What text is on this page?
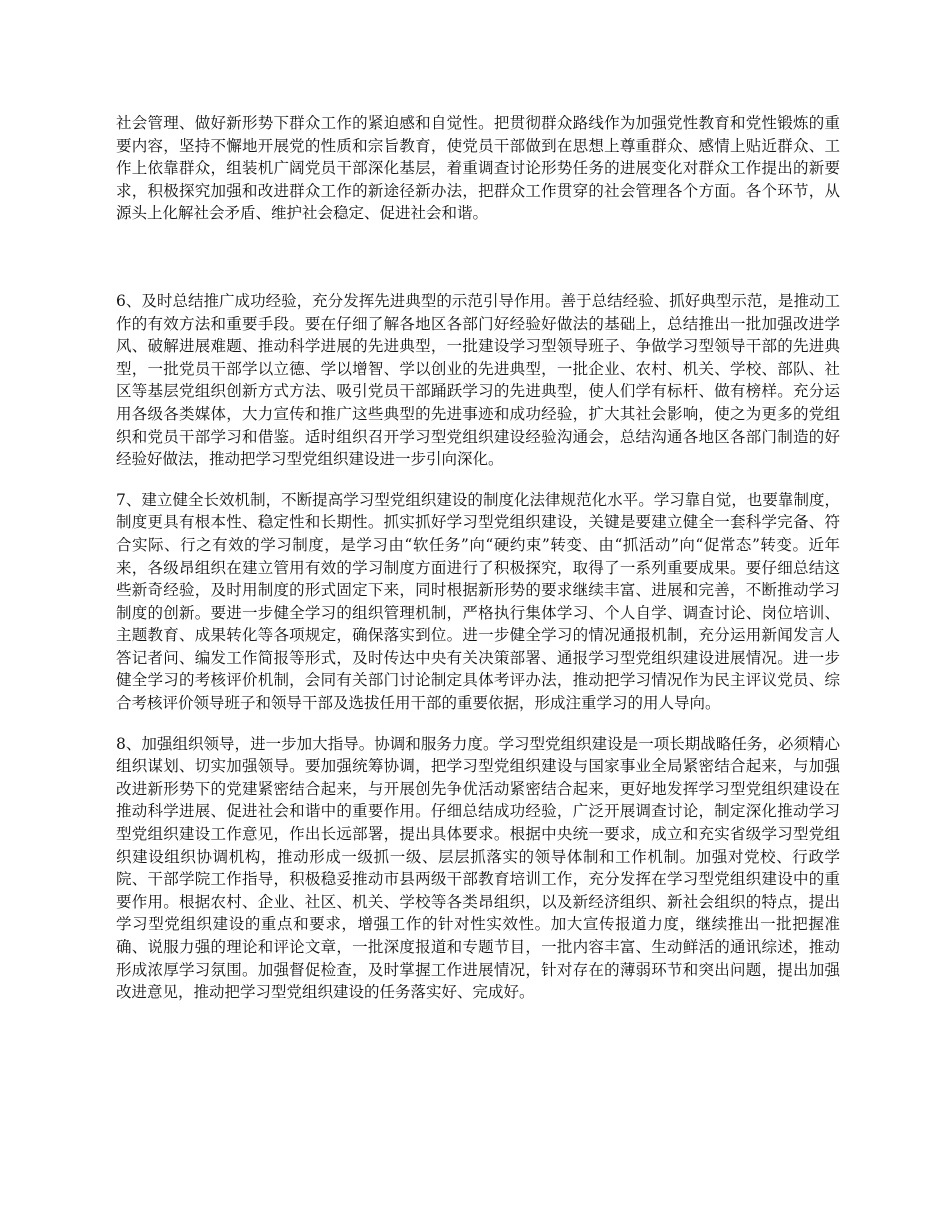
社会管理、做好新形势下群众工作的紧迫感和自觉性。把贯彻群众路线作为加强党性教育和党性锻炼的重要内容，坚持不懈地开展党的性质和宗旨教育，使党员干部做到在思想上尊重群众、感情上贴近群众、工作上依靠群众，组装机广阔党员干部深化基层，着重调查讨论形势任务的进展变化对群众工作提出的新要求，积极探究加强和改进群众工作的新途径新办法，把群众工作贯穿的社会管理各个方面。各个环节，从源头上化解社会矛盾、维护社会稳定、促进社会和谐。

6、及时总结推广成功经验，充分发挥先进典型的示范引导作用。善于总结经验、抓好典型示范，是推动工作的有效方法和重要手段。要在仔细了解各地区各部门好经验好做法的基础上，总结推出一批加强改进学风、破解进展难题、推动科学进展的先进典型，一批建设学习型领导班子、争做学习型领导干部的先进典型，一批党员干部学以立德、学以增智、学以创业的先进典型，一批企业、农村、机关、学校、部队、社区等基层党组织创新方式方法、吸引党员干部踊跃学习的先进典型，使人们学有标杆、做有榜样。充分运用各级各类媒体，大力宣传和推广这些典型的先进事迹和成功经验，扩大其社会影响，使之为更多的党组织和党员干部学习和借鉴。适时组织召开学习型党组织建设经验沟通会，总结沟通各地区各部门制造的好经验好做法，推动把学习型党组织建设进一步引向深化。

7、建立健全长效机制，不断提高学习型党组织建设的制度化法律规范化水平。学习靠自觉，也要靠制度，制度更具有根本性、稳定性和长期性。抓实抓好学习型党组织建设，关键是要建立健全一套科学完备、符合实际、行之有效的学习制度，是学习由“软任务”向“硬约束”转变、由“抓活动”向“促常态”转变。近年来，各级昂组织在建立管用有效的学习制度方面进行了积极探究，取得了一系列重要成果。要仔细总结这些新奇经验，及时用制度的形式固定下来，同时根据新形势的要求继续丰富、进展和完善，不断推动学习制度的创新。要进一步健全学习的组织管理机制，严格执行集体学习、个人自学、调查讨论、岗位培训、主题教育、成果转化等各项规定，确保落实到位。进一步健全学习的情况通报机制，充分运用新闻发言人答记者问、编发工作简报等形式，及时传达中央有关决策部署、通报学习型党组织建设进展情况。进一步健全学习的考核评价机制，会同有关部门讨论制定具体考评办法，推动把学习情况作为民主评议党员、综合考核评价领导班子和领导干部及选拔任用干部的重要依据，形成注重学习的用人导向。

8、加强组织领导，进一步加大指导。协调和服务力度。学习型党组织建设是一项长期战略任务，必须精心组织谋划、切实加强领导。要加强统筹协调，把学习型党组织建设与国家事业全局紧密结合起来，与加强改进新形势下的党建紧密结合起来，与开展创先争优活动紧密结合起来，更好地发挥学习型党组织建设在推动科学进展、促进社会和谐中的重要作用。仔细总结成功经验，广泛开展调查讨论，制定深化推动学习型党组织建设工作意见，作出长远部署，提出具体要求。根据中央统一要求，成立和充实省级学习型党组织建设组织协调机构，推动形成一级抓一级、层层抓落实的领导体制和工作机制。加强对党校、行政学院、干部学院工作指导，积极稳妥推动市县两级干部教育培训工作，充分发挥在学习型党组织建设中的重要作用。根据农村、企业、社区、机关、学校等各类昂组织，以及新经济组织、新社会组织的特点，提出学习型党组织建设的重点和要求，增强工作的针对性实效性。加大宣传报道力度，继续推出一批把握准确、说服力强的理论和评论文章，一批深度报道和专题节目，一批内容丰富、生动鲜活的通讯综述，推动形成浓厚学习氛围。加强督促检查，及时掌握工作进展情况，针对存在的薄弱环节和突出问题，提出加强改进意见，推动把学习型党组织建设的任务落实好、完成好。
